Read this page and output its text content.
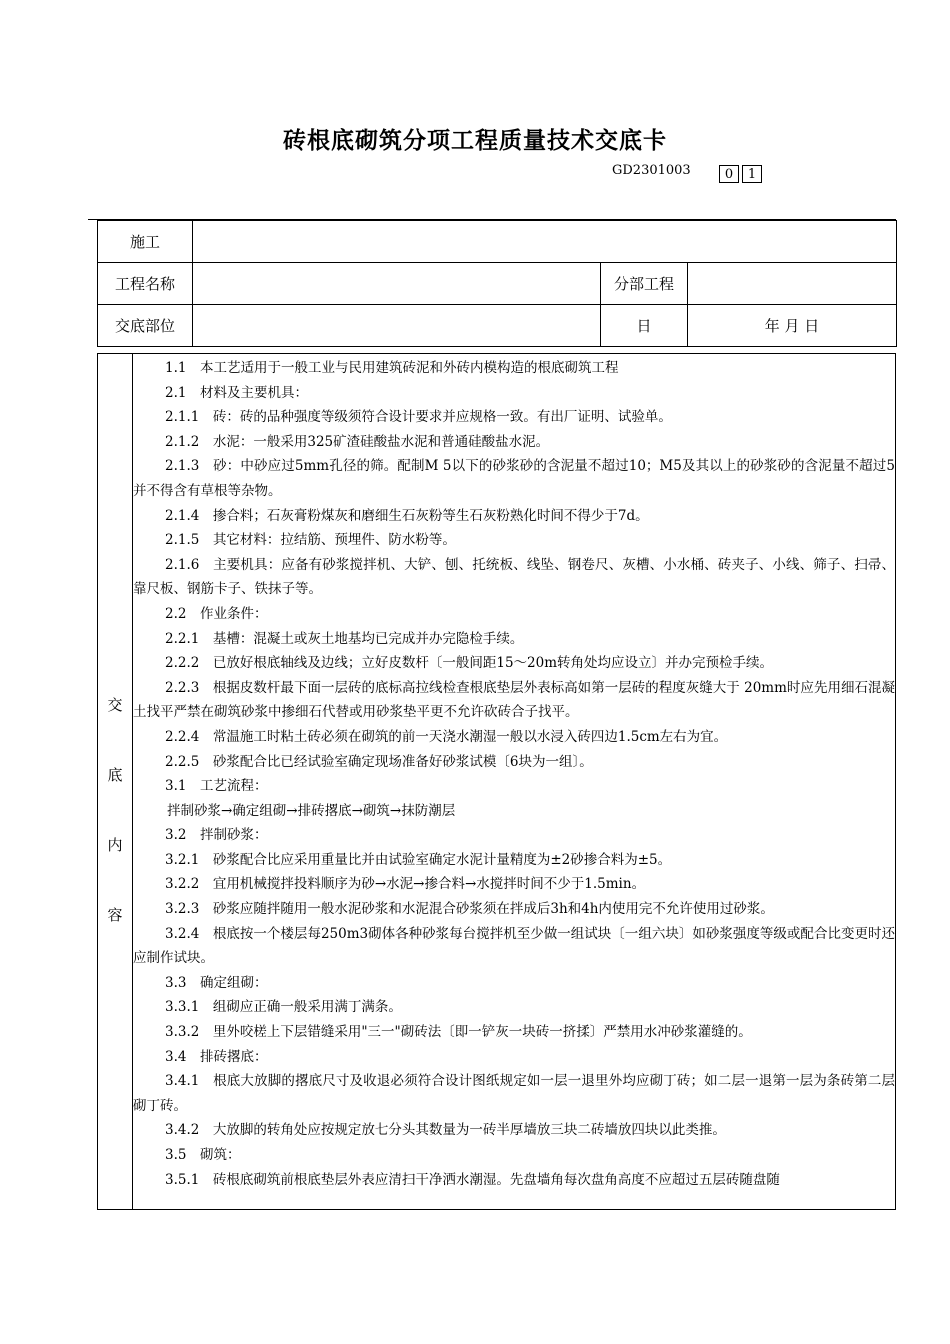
砖根底砌筑分项工程质量技术交底卡
GD2301003	0	1
施工			
工程名称		分部工程	
交底部位		日	年 月 日
交
底
内
容

1.1　本工艺适用于一般工业与民用建筑砖泥和外砖内模构造的根底砌筑工程

2.1　材料及主要机具：

2.1.1　砖：砖的品种强度等级须符合设计要求并应规格一致。有出厂证明、试验单。

2.1.2　水泥：一般采用325矿渣硅酸盐水泥和普通硅酸盐水泥。

2.1.3　砂：中砂应过5mm孔径的筛。配制M 5以下的砂浆砂的含泥量不超过10；M5及其以上的砂浆砂的含泥量不超过5并不得含有草根等杂物。

2.1.4　掺合料；石灰膏粉煤灰和磨细生石灰粉等生石灰粉熟化时间不得少于7d。

2.1.5　其它材料：拉结筋、预埋件、防水粉等。

2.1.6　主要机具：应备有砂浆搅拌机、大铲、刨、托统板、线坠、钢卷尺、灰槽、小水桶、砖夹子、小线、筛子、扫帚、靠尺板、钢筋卡子、铁抹子等。

2.2　作业条件：

2.2.1　基槽：混凝土或灰土地基均已完成并办完隐检手续。

2.2.2　已放好根底轴线及边线；立好皮数杆〔一般间距15～20m转角处均应设立〕并办完预检手续。

2.2.3　根据皮数杆最下面一层砖的底标高拉线检查根底垫层外表标高如第一层砖的程度灰缝大于 20mm时应先用细石混凝土找平严禁在砌筑砂浆中掺细石代替或用砂浆垫平更不允许砍砖合子找平。

2.2.4　常温施工时粘土砖必须在砌筑的前一天浇水潮湿一般以水浸入砖四边1.5cm左右为宜。

2.2.5　砂浆配合比已经试验室确定现场准备好砂浆试模〔6块为一组〕。

3.1　工艺流程：

拌制砂浆→确定组砌→排砖撂底→砌筑→抹防潮层

3.2　拌制砂浆：

3.2.1　砂浆配合比应采用重量比并由试验室确定水泥计量精度为±2砂掺合料为±5。

3.2.2　宜用机械搅拌投料顺序为砂→水泥→掺合料→水搅拌时间不少于1.5min。

3.2.3　砂浆应随拌随用一般水泥砂浆和水泥混合砂浆须在拌成后3h和4h内使用完不允许使用过砂浆。

3.2.4　根底按一个楼层每250m3砌体各种砂浆每台搅拌机至少做一组试块〔一组六块〕如砂浆强度等级或配合比变更时还应制作试块。

3.3　确定组砌：

3.3.1　组砌应正确一般采用满丁满条。

3.3.2　里外咬槎上下层错缝采用"三一"砌砖法〔即一铲灰一块砖一挤揉〕严禁用水冲砂浆灌缝的。

3.4　排砖撂底：

3.4.1　根底大放脚的撂底尺寸及收退必须符合设计图纸规定如一层一退里外均应砌丁砖；如二层一退第一层为条砖第二层砌丁砖。

3.4.2　大放脚的转角处应按规定放七分头其数量为一砖半厚墙放三块二砖墙放四块以此类推。

3.5　砌筑：

3.5.1　砖根底砌筑前根底垫层外表应清扫干净洒水潮湿。先盘墙角每次盘角高度不应超过五层砖随盘随
